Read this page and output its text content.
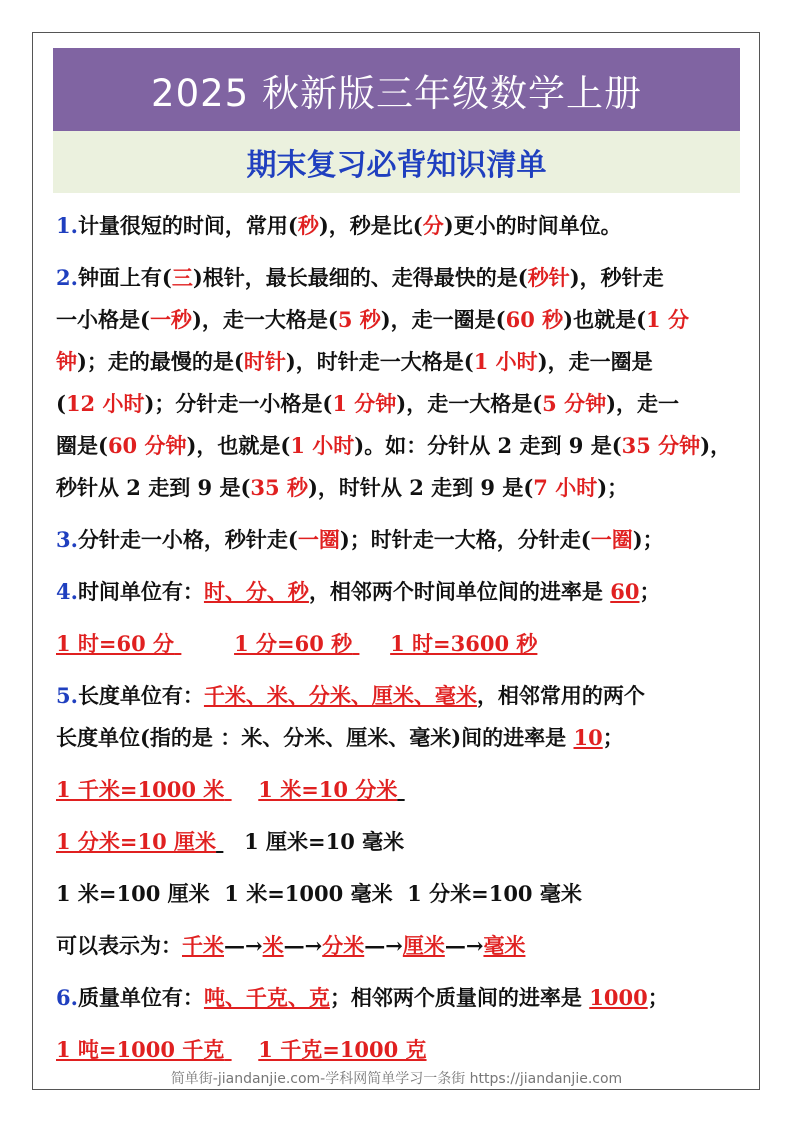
2025 秋新版三年级数学上册
期末复习必背知识清单
1.计量很短的时间，常用(秒)，秒是比(分)更小的时间单位。
2.钟面上有(三)根针，最长最细的、走得最快的是(秒针)，秒针走
一小格是(一秒)，走一大格是(5 秒)，走一圈是(60 秒)也就是(1 分
钟)；走的最慢的是(时针)，时针走一大格是(1 小时)，走一圈是
(12 小时)；分针走一小格是(1 分钟)，走一大格是(5 分钟)，走一
圈是(60 分钟)，也就是(1 小时)。如：分针从 2 走到 9 是(35 分钟)，
秒针从 2 走到 9 是(35 秒)，时针从 2 走到 9 是(7 小时)；
3.分针走一小格，秒针走(一圈)；时针走一大格，分针走(一圈)；
4.时间单位有：时、分、秒，相邻两个时间单位间的进率是 60；
1 时=60 分	1 分=60 秒 1 时=3600 秒
5.长度单位有：千米、米、分米、厘米、毫米，相邻常用的两个
长度单位(指的是 ：米、分米、厘米、毫米)间的进率是 10；
1 千米=1000 米 1 米=10 分米
1 分米=10 厘米 1 厘米=10 毫米
1 米=100 厘米  1 米=1000 毫米  1 分米=100 毫米
可以表示为：千米—→米—→分米—→厘米—→毫米
6.质量单位有：吨、千克、克；相邻两个质量间的进率是 1000；
1 吨=1000 千克 1 千克=1000 克
简单街-jiandanjie.com-学科网简单学习一条街 https://jiandanjie.com
